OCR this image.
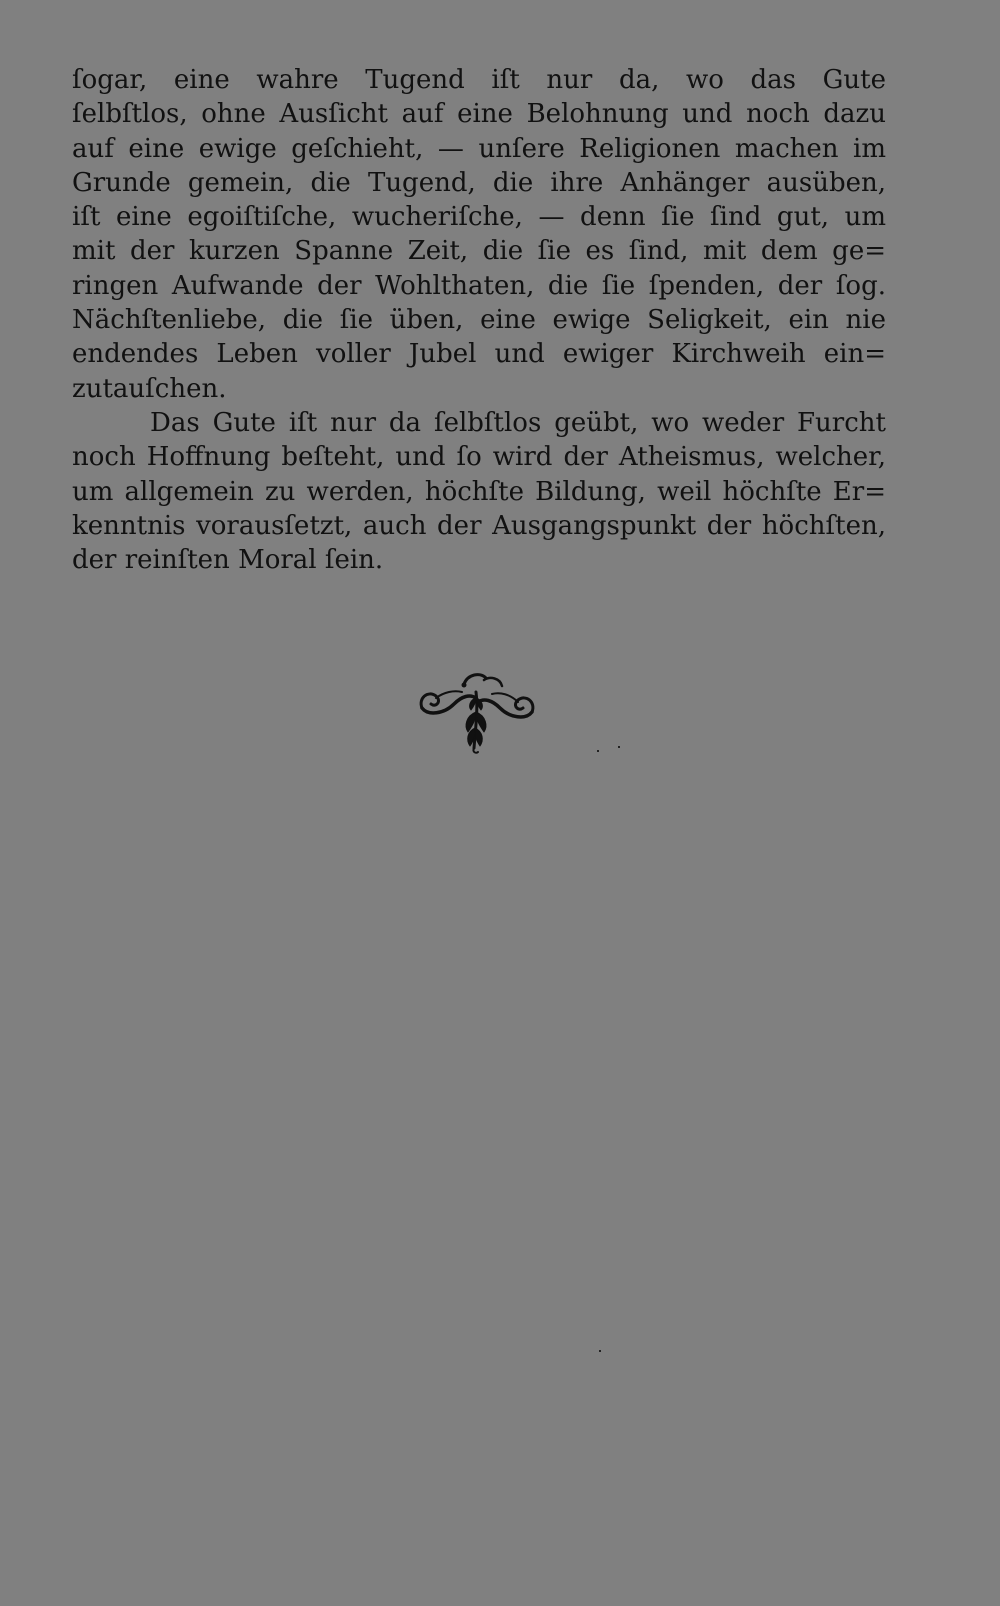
ſogar, eine wahre Tugend iſt nur da, wo das Gute
ſelbſtlos, ohne Ausſicht auf eine Belohnung und noch dazu
auf eine ewige geſchieht, — unſere Religionen machen im
Grunde gemein, die Tugend, die ihre Anhänger ausüben,
iſt eine egoiſtiſche, wucheriſche, — denn ſie ſind gut, um
mit der kurzen Spanne Zeit, die ſie es ſind, mit dem ge=
ringen Aufwande der Wohlthaten, die ſie ſpenden, der ſog.
Nächſtenliebe, die ſie üben, eine ewige Seligkeit, ein nie
endendes Leben voller Jubel und ewiger Kirchweih ein=
zutauſchen.
Das Gute iſt nur da ſelbſtlos geübt, wo weder Furcht
noch Hoffnung beſteht, und ſo wird der Atheismus, welcher,
um allgemein zu werden, höchſte Bildung, weil höchſte Er=
kenntnis vorausſetzt, auch der Ausgangspunkt der höchſten,
der reinſten Moral ſein.
